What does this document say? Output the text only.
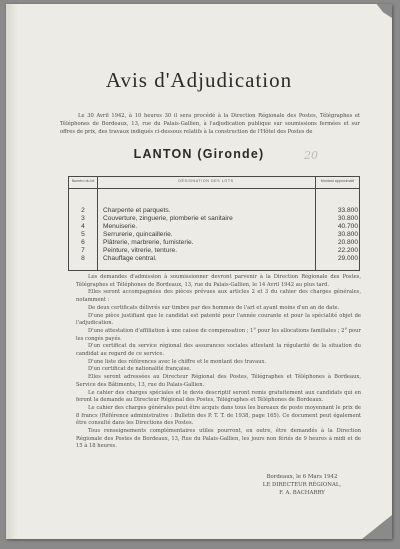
Avis d'Adjudication
Le 30 Avril 1942, à 10 heures 30 il sera procédé à la Direction Régionale des Postes, Télégraphes et Téléphones de Bordeaux, 13, rue du Palais-Gallien, à l'adjudication publique sur soumissions fermées et sur offres de prix, des travaux indiqués ci-dessous relatifs à la construction de l'Hôtel des Postes de
LANTON (Gironde)	20
Numéro du lot	DÉSIGNATION DES LOTS	Montant approximatif
2	Charpente et parquets.	33.800
3	Couverture, zinguerie, plomberie et sanitaire	30.800
4	Menuiserie.	40.700
5	Serrurerie, quincaillerie.	30.800
6	Plâtrerie, marbrerie, fumisterie.	20.800
7	Peinture, vitrerie, tenture.	22.200
8	Chauffage central.	29.000

Les demandes d'admission à soumissionner devront parvenir à la Direction Régionale des Postes, Télégraphes et Téléphones de Bordeaux, 13, rue du Palais-Gallien, le 14 Avril 1942 au plus tard.

Elles seront accompagnées des pièces prévues aux articles 2 et 3 du cahier des charges générales, notamment :

De deux certificats délivrés sur timbre par des hommes de l'art et ayant moins d'un an de date.

D'une pièce justifiant que le candidat est patenté pour l'année courante et pour la spécialité objet de l'adjudication.

D'une attestation d'affiliation à une caisse de compensation ; 1° pour les allocations familiales ; 2° pour les congés payés.

D'un certificat du service régional des assurances sociales attestant la régularité de la situation du candidat au regard de ce service.

D'une liste des références avec le chiffre et le montant des travaux.

D'un certificat de nationalité française.

Elles seront adressées au Directeur Régional des Postes, Télégraphes et Téléphones à Bordeaux, Service des Bâtiments, 13, rue du Palais-Gallien.

Le cahier des charges spéciales et le devis descriptif seront remis gratuitement aux candidats qui en feront la demande au Directeur Régional des Postes, Télégraphes et Téléphones de Bordeaux.

Le cahier des charges générales peut être acquis dans tous les bureaux de poste moyennant le prix de 8 francs (Référence administrative : Bulletin des P. T. T. de 1938, page 165). Ce document peut également être consulté dans les Directions des Postes.

Tous renseignements complémentaires utiles pourront, en outre, être demandés à la Direction Régionale des Postes de Bordeaux, 13, Rue du Palais-Gallien, les jours non fériés de 9 heures à midi et de 15 à 18 heures.

Bordeaux, le 6 Mars 1942
LE DIRECTEUR RÉGIONAL,
F. A. BACHARRY
